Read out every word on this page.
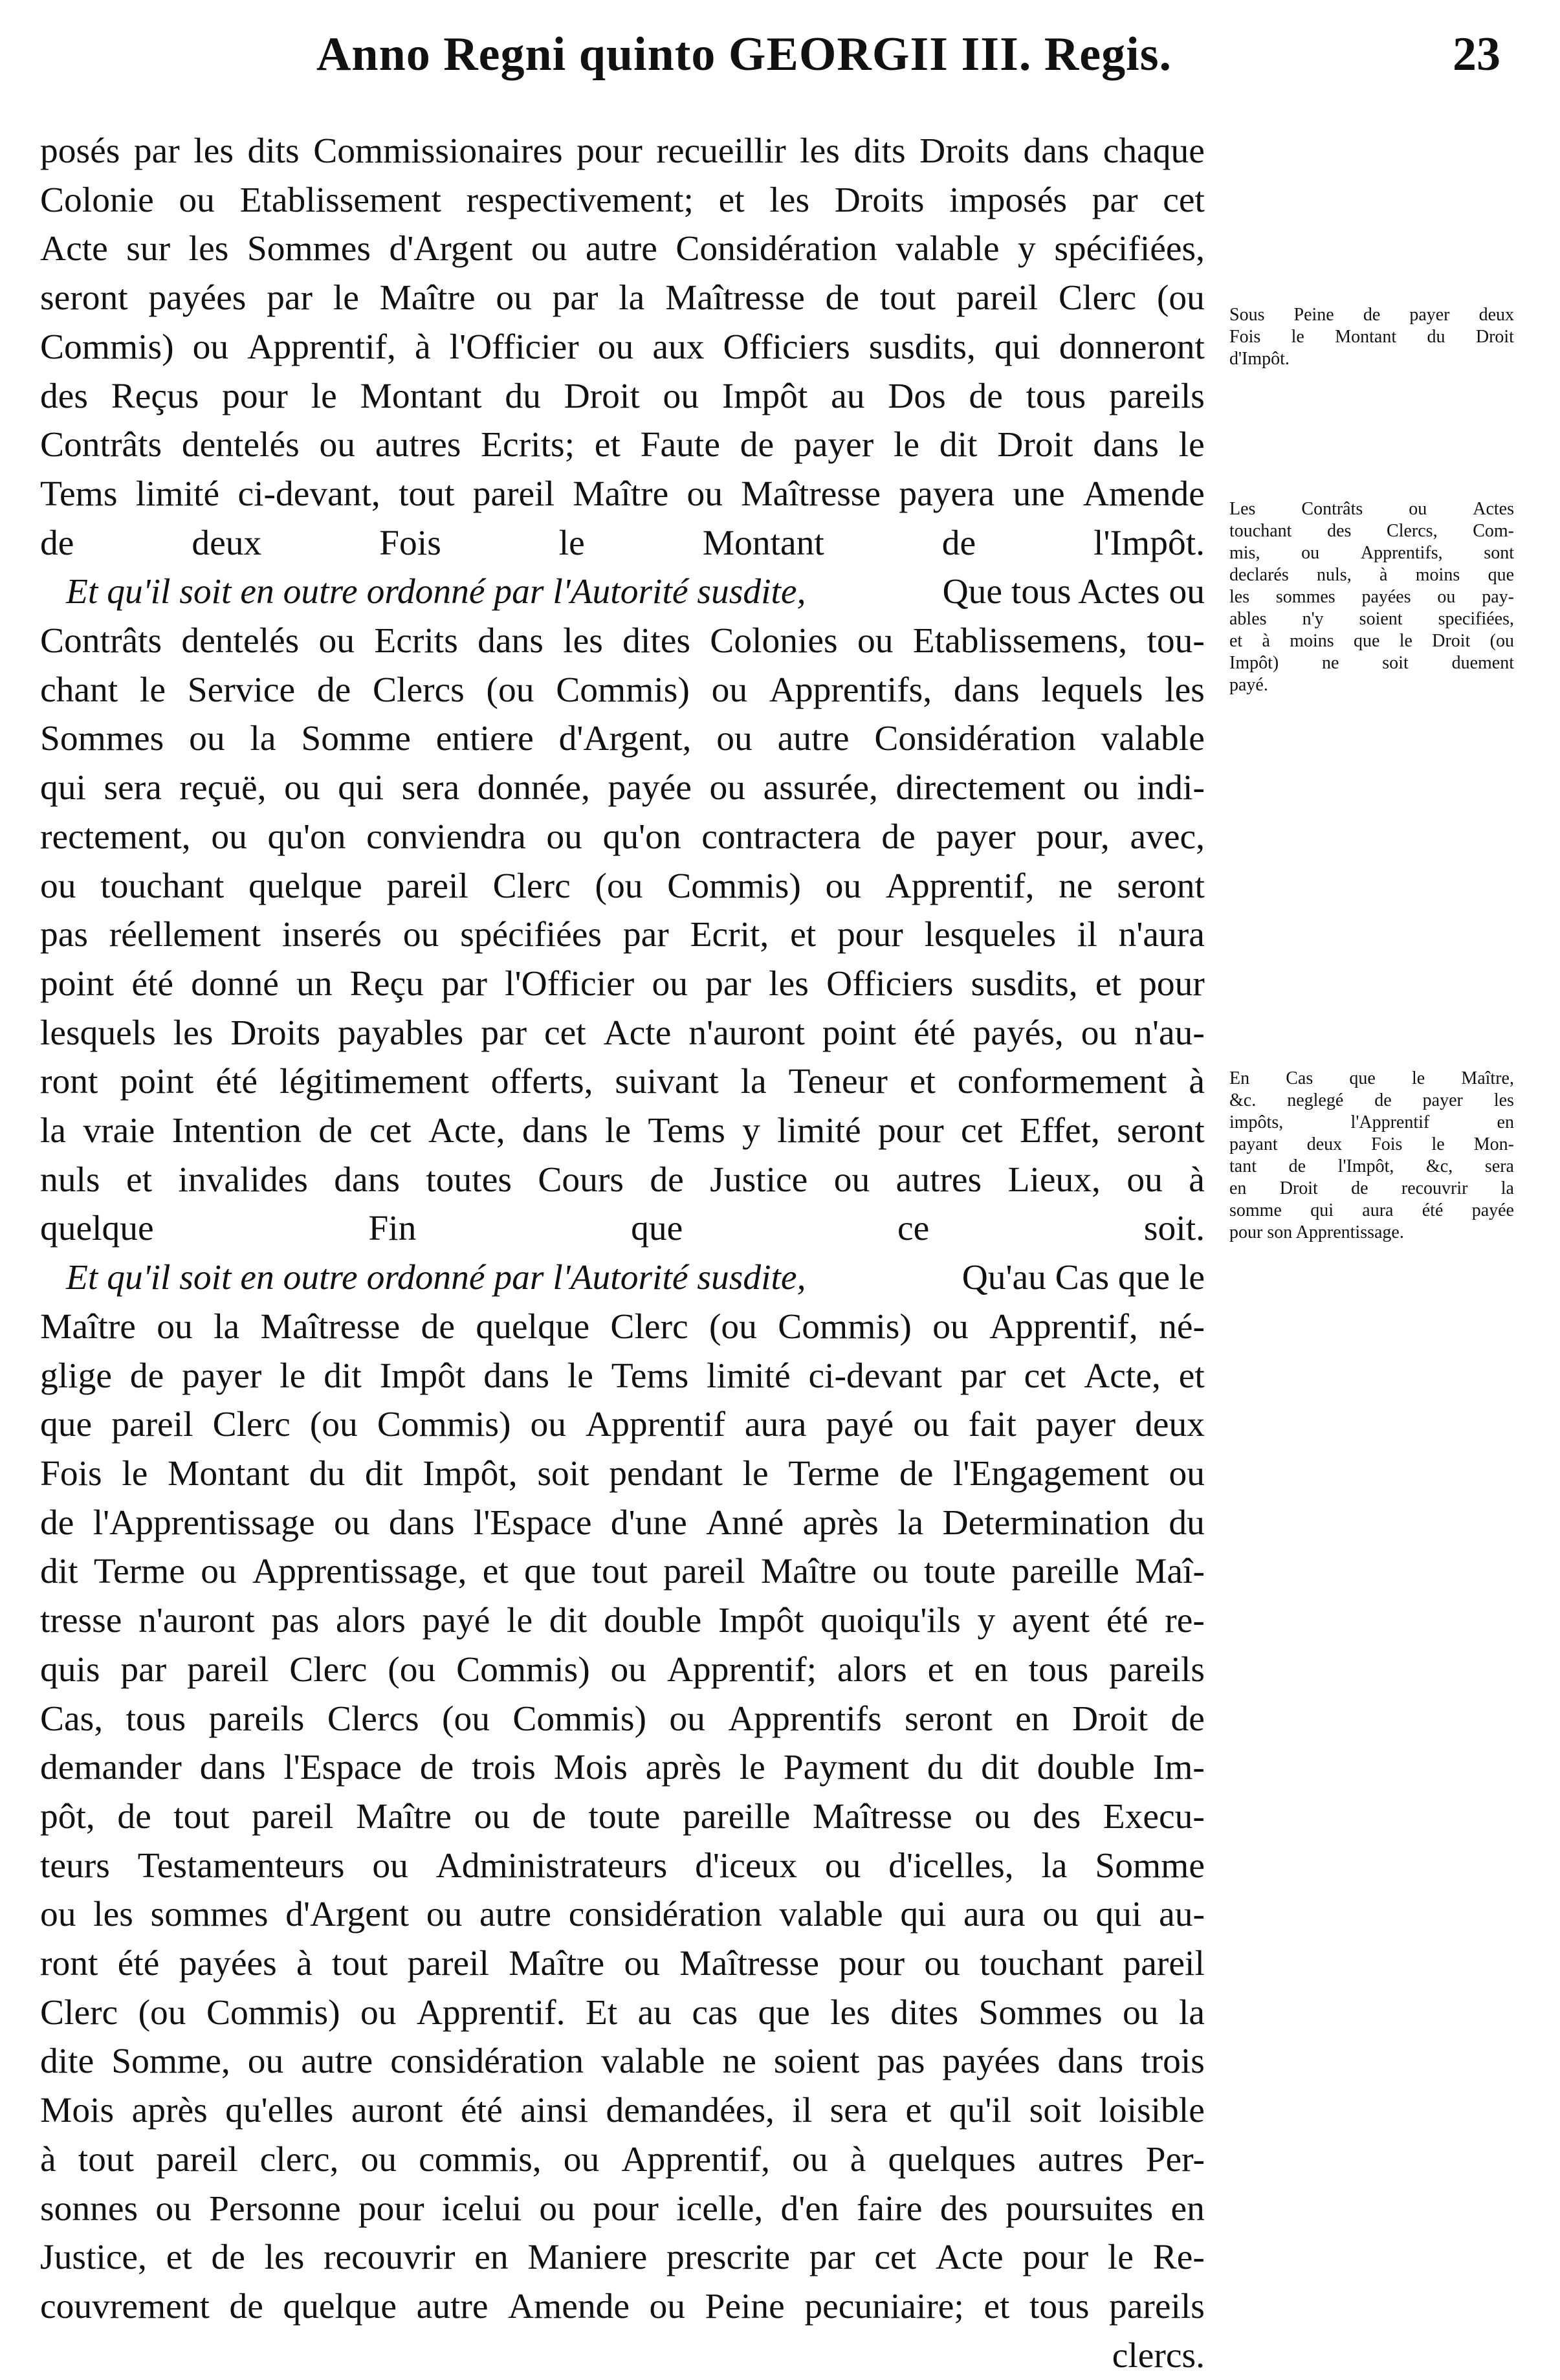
Anno Regni quinto GEORGII III. Regis.	23
posés par les dits Commissionaires pour recueillir les dits Droits dans chaque
Colonie ou Etablissement respectivement; et les Droits imposés par cet
Acte sur les Sommes d'Argent ou autre Considération valable y spécifiées,
seront payées par le Maître ou par la Maîtresse de tout pareil Clerc (ou
Commis) ou Apprentif, à l'Officier ou aux Officiers susdits, qui donneront
des Reçus pour le Montant du Droit ou Impôt au Dos de tous pareils
Contrâts dentelés ou autres Ecrits; et Faute de payer le dit Droit dans le
Tems limité ci-devant, tout pareil Maître ou Maîtresse payera une Amende
de deux Fois le Montant de l'Impôt.
Et qu'il soit en outre ordonné par l'Autorité susdite,	Que tous Actes ou
Contrâts dentelés ou Ecrits dans les dites Colonies ou Etablissemens, tou-
chant le Service de Clercs (ou Commis) ou Apprentifs, dans lequels les
Sommes ou la Somme entiere d'Argent, ou autre Considération valable
qui sera reçuë, ou qui sera donnée, payée ou assurée, directement ou indi-
rectement, ou qu'on conviendra ou qu'on contractera de payer pour, avec,
ou touchant quelque pareil Clerc (ou Commis) ou Apprentif, ne seront
pas réellement inserés ou spécifiées par Ecrit, et pour lesqueles il n'aura
point été donné un Reçu par l'Officier ou par les Officiers susdits, et pour
lesquels les Droits payables par cet Acte n'auront point été payés, ou n'au-
ront point été légitimement offerts, suivant la Teneur et conformement à
la vraie Intention de cet Acte, dans le Tems y limité pour cet Effet, seront
nuls et invalides dans toutes Cours de Justice ou autres Lieux, ou à
quelque Fin que ce soit.
Et qu'il soit en outre ordonné par l'Autorité susdite,	Qu'au Cas que le
Maître ou la Maîtresse de quelque Clerc (ou Commis) ou Apprentif, né-
glige de payer le dit Impôt dans le Tems limité ci-devant par cet Acte, et
que pareil Clerc (ou Commis) ou Apprentif aura payé ou fait payer deux
Fois le Montant du dit Impôt, soit pendant le Terme de l'Engagement ou
de l'Apprentissage ou dans l'Espace d'une Anné après la Determination du
dit Terme ou Apprentissage, et que tout pareil Maître ou toute pareille Maî-
tresse n'auront pas alors payé le dit double Impôt quoiqu'ils y ayent été re-
quis par pareil Clerc (ou Commis) ou Apprentif; alors et en tous pareils
Cas, tous pareils Clercs (ou Commis) ou Apprentifs seront en Droit de
demander dans l'Espace de trois Mois après le Payment du dit double Im-
pôt, de tout pareil Maître ou de toute pareille Maîtresse ou des Execu-
teurs Testamenteurs ou Administrateurs d'iceux ou d'icelles, la Somme
ou les sommes d'Argent ou autre considération valable qui aura ou qui au-
ront été payées à tout pareil Maître ou Maîtresse pour ou touchant pareil
Clerc (ou Commis) ou Apprentif. Et au cas que les dites Sommes ou la
dite Somme, ou autre considération valable ne soient pas payées dans trois
Mois après qu'elles auront été ainsi demandées, il sera et qu'il soit loisible
à tout pareil clerc, ou commis, ou Apprentif, ou à quelques autres Per-
sonnes ou Personne pour icelui ou pour icelle, d'en faire des poursuites en
Justice, et de les recouvrir en Maniere prescrite par cet Acte pour le Re-
couvrement de quelque autre Amende ou Peine pecuniaire; et tous pareils
clercs.
Sous Peine de payer deux
Fois le Montant du Droit
d'Impôt.
Les	Contrâts	ou	Actes
touchant des Clercs, Com-
mis, ou Apprentifs, sont
declarés nuls, à moins que
les sommes payées ou pay-
ables n'y soient specifiées,
et à moins que le Droit (ou
Impôt) ne soit duement
payé.
En Cas que le Maître,
&c. neglegé de payer les
impôts,	l'Apprentif	en
payant deux Fois le Mon-
tant de l'Impôt, &c, sera
en Droit de recouvrir la
somme qui aura été payée
pour son Apprentissage.
